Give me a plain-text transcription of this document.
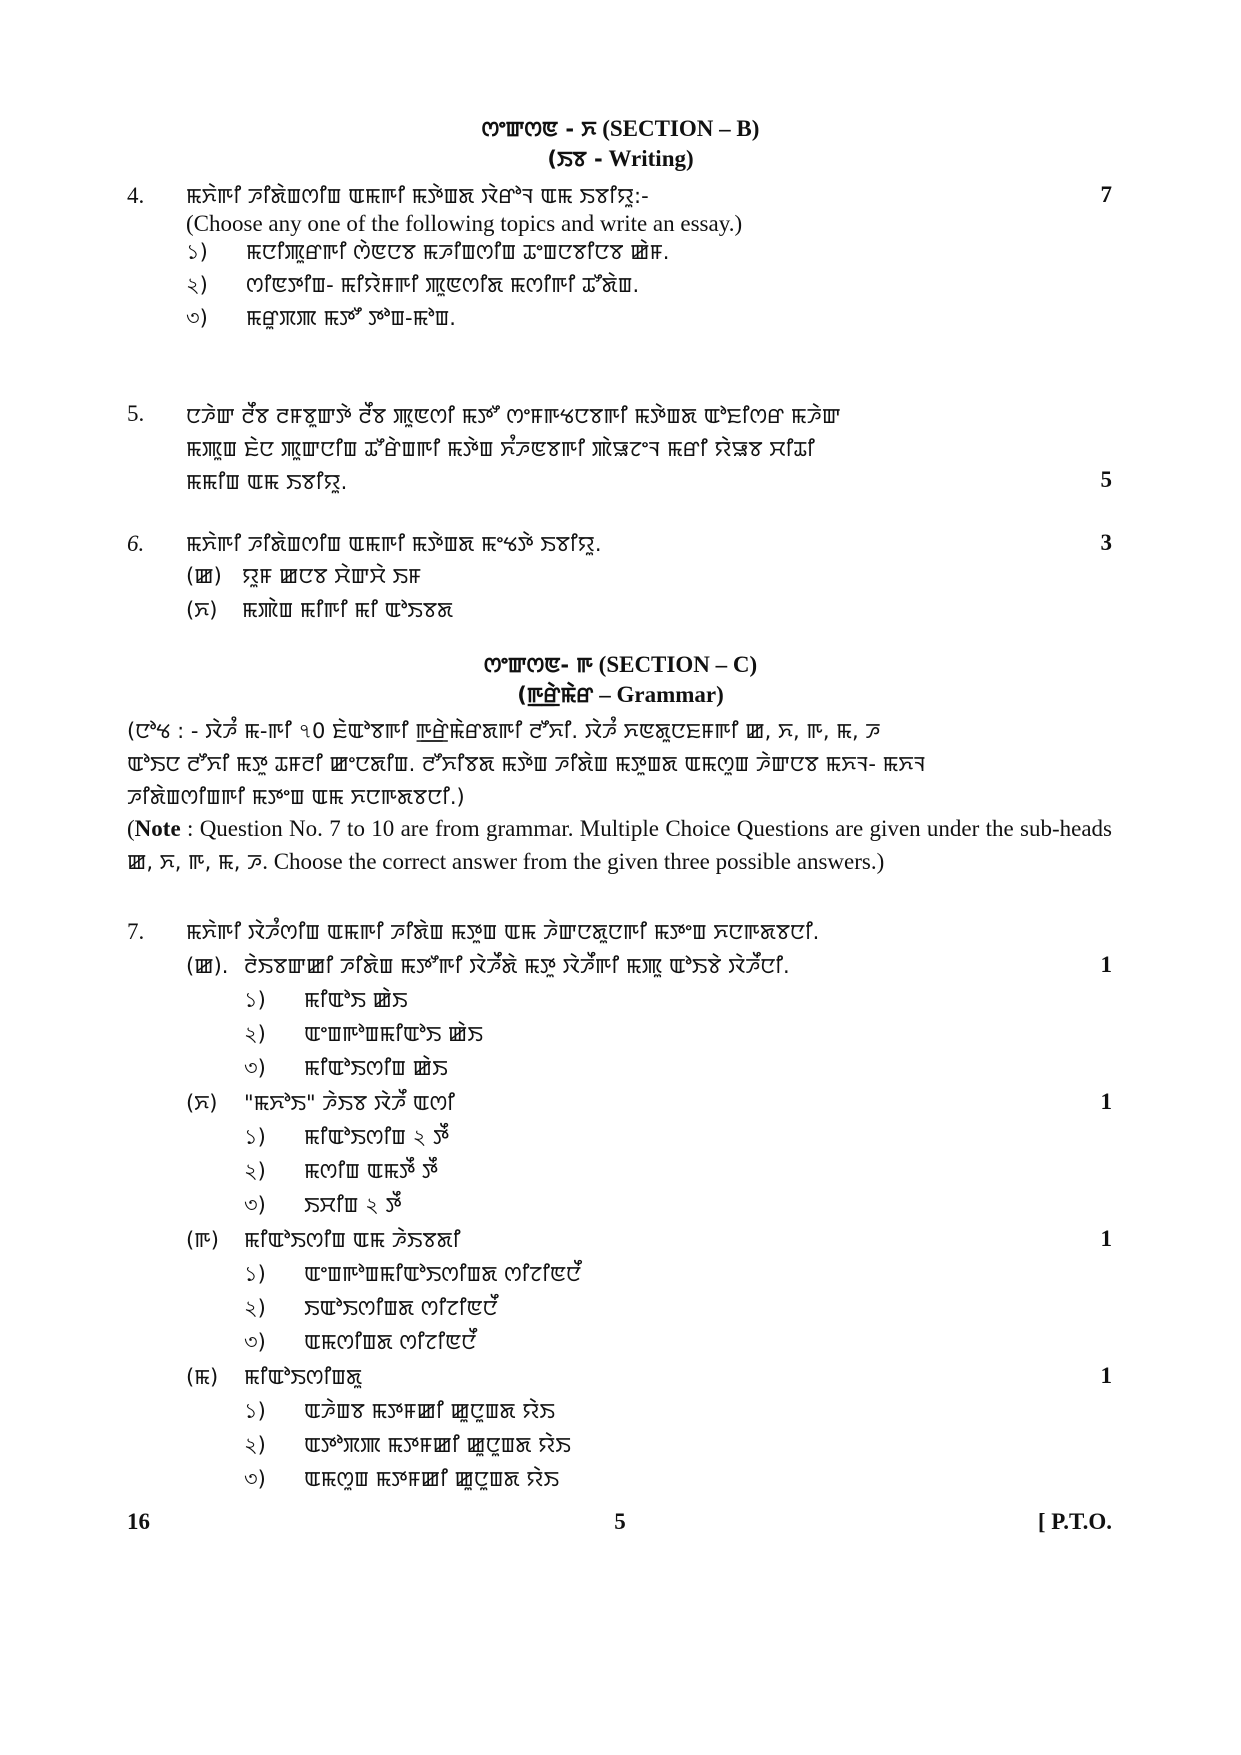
ꯁꯦꯛꯁꯟ - ꯈ (SECTION – B)
(ꯏꯕ - Writing)
4. ꯃꯈꯥꯒꯤ ꯍꯤꯗꯥꯡꯁꯤꯡ ꯑꯃꯒꯤ ꯃꯇꯥꯡꯗ ꯋꯥꯔꯣꯜ ꯑꯃ ꯏꯕꯤꯌꯨ:-	7
(Choose any one of the following topics and write an essay.)
১) ꯃꯅꯤꯄꯨꯔꯒꯤ ꯁꯥꯟꯅꯕ ꯃꯍꯤꯡꯁꯤꯡ ꯊꯦꯡꯅꯕꯤꯅꯕ ꯀꯥꯝ.
২) ꯁꯤꯟꯇꯤꯡ- ꯃꯤꯌꯥꯝꯒꯤ ꯄꯨꯟꯁꯤꯗ ꯃꯁꯤꯒꯤ ꯊꯧꯗꯥꯡ.
৩) ꯃꯔꯨꯞꯄ ꯃꯇꯧ ꯇꯣꯡ-ꯃꯣꯡ.
5. ꯅꯍꯥꯛ ꯂꯩꯕ ꯂꯝꯕꯨꯛꯇꯥ ꯂꯩꯕ ꯄꯨꯟꯁꯤ ꯃꯇꯧ ꯁꯦꯝꯒꯠꯅꯕꯒꯤ ꯃꯇꯥꯡꯗ ꯑꯣꯐꯤꯁꯔ ꯃꯍꯥꯛ
ꯃꯄꯨꯡ ꯐꯥꯅ ꯄꯨꯛꯅꯤꯡ ꯊꯧꯔꯥꯡꯒꯤ ꯃꯇꯥꯡ ꯈꯪꯍꯟꯕꯒꯤ ꯄꯥꯎꯖꯦꯜ ꯃꯔꯤ ꯌꯥꯎꯕ ꯆꯤꯊꯤ
ꯃꯃꯤꯡ ꯑꯃ ꯏꯕꯤꯌꯨ.	5
6. ꯃꯈꯥꯒꯤ ꯍꯤꯗꯥꯡꯁꯤꯡ ꯑꯃꯒꯤ ꯃꯇꯥꯡꯗ ꯃꯦꯠꯇꯥ ꯏꯕꯤꯌꯨ.	3
(ꯀ) ꯌꯨꯝ ꯀꯅꯕ ꯆꯥꯛꯆꯥ ꯏꯝ
(ꯈ) ꯃꯄꯥꯡ ꯃꯤꯒꯤ ꯃꯤ ꯑꯣꯏꯕꯗ
ꯁꯦꯛꯁꯟ- ꯒ (SECTION – C)
(ꯒ꯭ꯔꯥꯃꯥꯔ – Grammar)
(ꯅꯣꯠ : - ꯋꯥꯍꯪ ꯃ-ꯒꯤ ৭0 ꯐꯥꯑꯣꯕꯒꯤ ꯒ꯭ꯔꯥꯃꯥꯔꯗꯒꯤ ꯂꯧꯈꯤ. ꯋꯥꯍꯪ ꯈꯟꯗꯨꯅꯐꯝꯒꯤ ꯀ, ꯈ, ꯒ, ꯃ, ꯍ
ꯑꯣꯏꯅ ꯂꯧꯈꯤ ꯃꯇꯨ ꯊꯝꯂꯤ ꯀꯦꯅꯗꯤꯡ. ꯂꯧꯈꯤꯕꯗ ꯃꯇꯥꯡ ꯍꯤꯗꯥꯡ ꯃꯇꯨꯡꯗ ꯑꯃꯁꯨꯡ ꯍꯥꯛꯅꯕ ꯃꯈꯜ- ꯃꯈꯜ
ꯍꯤꯗꯥꯡꯁꯤꯡꯒꯤ ꯃꯇꯦꯡ ꯑꯃ ꯈꯅꯒꯗꯕꯅꯤ.)
(Note : Question No. 7 to 10 are from grammar. Multiple Choice Questions are given under the sub-heads ꯀ, ꯈ, ꯒ, ꯃ, ꯍ. Choose the correct answer from the given three possible answers.)
7. ꯃꯈꯥꯒꯤ ꯋꯥꯍꯪꯁꯤꯡ ꯑꯃꯒꯤ ꯍꯤꯗꯥꯡ ꯃꯇꯨꯡ ꯑꯃ ꯍꯥꯛꯅꯗꯨꯅꯒꯤ ꯃꯇꯦꯡ ꯈꯅꯒꯗꯕꯅꯤ.
(ꯀ). ꯂꯥꯏꯕꯛꯀꯤ ꯍꯤꯗꯥꯡ ꯃꯇꯧꯒꯤ ꯋꯥꯍꯩꯗꯥ ꯃꯇꯨ ꯋꯥꯍꯩꯒꯤ ꯃꯄꯨ ꯑꯣꯏꯕꯥ ꯋꯥꯍꯩꯅꯤ.	1
১) ꯃꯤꯑꯣꯏ ꯀꯥꯏ
২) ꯑꯦꯡꯒꯣꯡꯃꯤꯑꯣꯏ ꯀꯥꯏ
৩) ꯃꯤꯑꯣꯏꯁꯤꯡ ꯀꯥꯏ
(ꯈ) "ꯃꯈꯣꯏ" ꯍꯥꯏꯕ ꯋꯥꯍꯩ ꯑꯁꯤ	1
১) ꯃꯤꯑꯣꯏꯁꯤꯡ ২ ꯇꯩ
২) ꯃꯁꯤꯡ ꯑꯃꯇꯩ ꯇꯩ
৩) ꯏꯆꯤꯡ ২ ꯇꯩ
(ꯒ) ꯃꯤꯑꯣꯏꯁꯤꯡ ꯑꯃ ꯍꯥꯏꯕꯗꯤ	1
১) ꯑꯦꯡꯒꯣꯡꯃꯤꯑꯣꯏꯁꯤꯡꯗ ꯁꯤꯖꯤꯟꯅꯩ
২) ꯏꯑꯣꯏꯁꯤꯡꯗ ꯁꯤꯖꯤꯟꯅꯩ
৩) ꯑꯃꯁꯤꯡꯗ ꯁꯤꯖꯤꯟꯅꯩ
(ꯃ) ꯃꯤꯑꯣꯏꯁꯤꯡꯗꯨ	1
১) ꯑꯍꯥꯡꯕ ꯃꯇꯝꯀꯤ ꯀꯨꯅꯨꯡꯗ ꯌꯥꯏ
২) ꯑꯇꯣꯞꯄ ꯃꯇꯝꯀꯤ ꯀꯨꯅꯨꯡꯗ ꯌꯥꯏ
৩) ꯑꯃꯁꯨꯡ ꯃꯇꯝꯀꯤ ꯀꯨꯅꯨꯡꯗ ꯌꯥꯏ
16	5	[ P.T.O.
